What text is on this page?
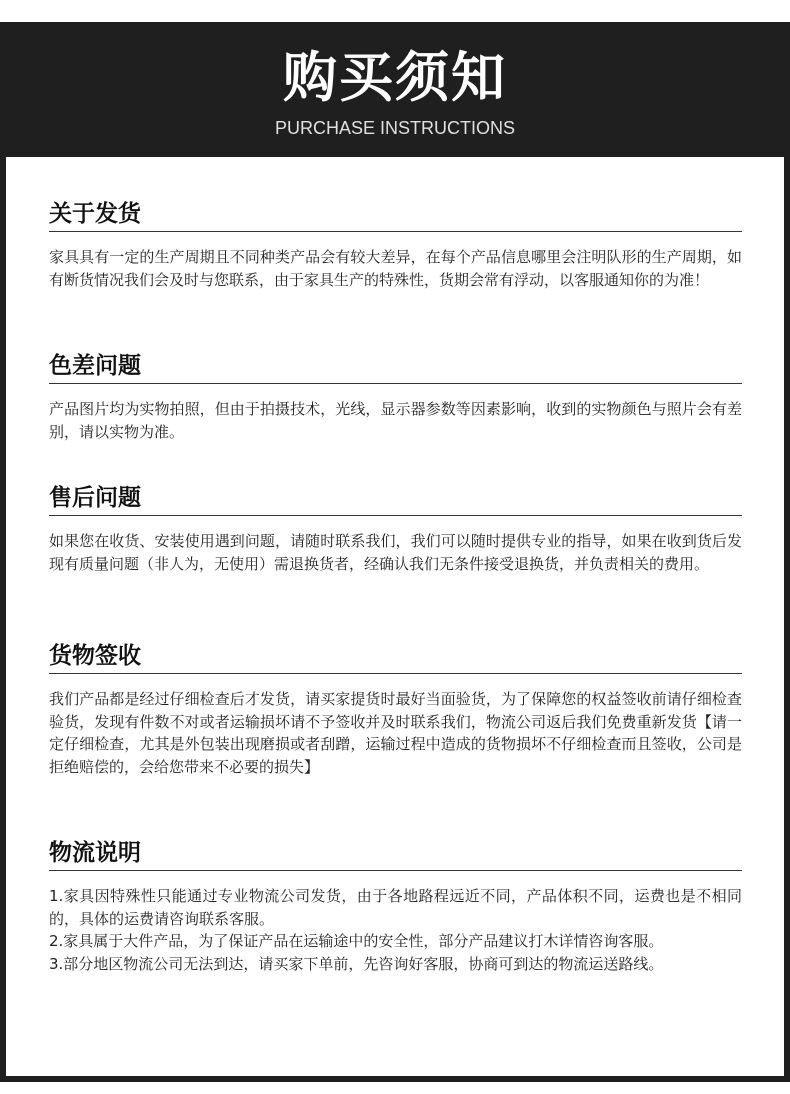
购买须知
PURCHASE INSTRUCTIONS
关于发货
家具具有一定的生产周期且不同种类产品会有较大差异，在每个产品信息哪里会注明队形的生产周期，如有断货情况我们会及时与您联系，由于家具生产的特殊性，货期会常有浮动，以客服通知你的为准！
色差问题
产品图片均为实物拍照，但由于拍摄技术，光线，显示器参数等因素影响，收到的实物颜色与照片会有差别，请以实物为准。
售后问题
如果您在收货、安装使用遇到问题，请随时联系我们，我们可以随时提供专业的指导，如果在收到货后发现有质量问题（非人为，无使用）需退换货者，经确认我们无条件接受退换货，并负责相关的费用。
货物签收
我们产品都是经过仔细检查后才发货，请买家提货时最好当面验货，为了保障您的权益签收前请仔细检查验货，发现有件数不对或者运输损坏请不予签收并及时联系我们，物流公司返后我们免费重新发货【请一定仔细检查，尤其是外包装出现磨损或者刮蹭，运输过程中造成的货物损坏不仔细检查而且签收，公司是拒绝赔偿的，会给您带来不必要的损失】
物流说明
1.家具因特殊性只能通过专业物流公司发货，由于各地路程远近不同，产品体积不同，运费也是不相同的，具体的运费请咨询联系客服。
2.家具属于大件产品，为了保证产品在运输途中的安全性，部分产品建议打木详情咨询客服。
3.部分地区物流公司无法到达，请买家下单前，先咨询好客服，协商可到达的物流运送路线。
